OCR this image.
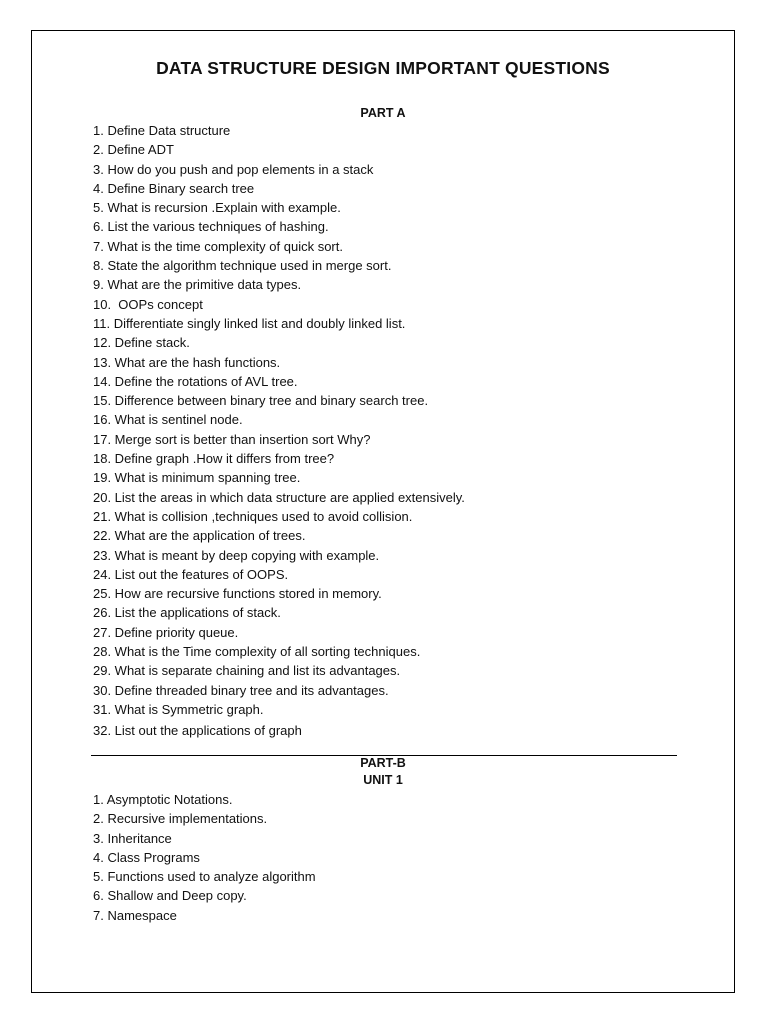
DATA STRUCTURE DESIGN IMPORTANT QUESTIONS
PART A
1. Define Data structure
2. Define ADT
3. How do you push and pop elements in a stack
4. Define Binary search tree
5. What is recursion .Explain with example.
6. List the various techniques of hashing.
7. What is the time complexity of quick sort.
8. State the algorithm technique used in merge sort.
9. What are the primitive data types.
10.  OOPs concept
11. Differentiate singly linked list and doubly linked list.
12. Define stack.
13. What are the hash functions.
14. Define the rotations of AVL tree.
15. Difference between binary tree and binary search tree.
16. What is sentinel node.
17. Merge sort is better than insertion sort Why?
18. Define graph .How it differs from tree?
19. What is minimum spanning tree.
20. List the areas in which data structure are applied extensively.
21. What is collision ,techniques used to avoid collision.
22. What are the application of trees.
23. What is meant by deep copying with example.
24. List out the features of OOPS.
25. How are recursive functions stored in memory.
26. List the applications of stack.
27. Define priority queue.
28. What is the Time complexity of all sorting techniques.
29. What is separate chaining and list its advantages.
30. Define threaded binary tree and its advantages.
31. What is Symmetric graph.
32. List out the applications of graph
PART-B
UNIT 1
1. Asymptotic Notations.
2. Recursive implementations.
3. Inheritance
4. Class Programs
5. Functions used to analyze algorithm
6. Shallow and Deep copy.
7. Namespace
